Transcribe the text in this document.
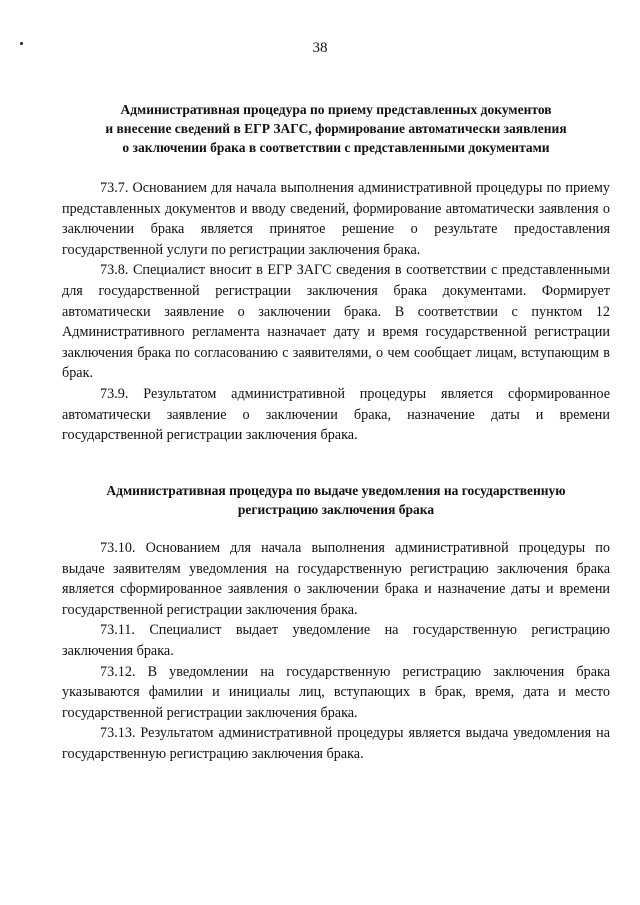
38

Административная процедура по приему представленных документов
и внесение сведений в ЕГР ЗАГС, формирование автоматически заявления
о заключении брака в соответствии с представленными документами

73.7. Основанием для начала выполнения административной процедуры по приему представленных документов и вводу сведений, формирование автоматически заявления о заключении брака является принятое решение о результате предоставления государственной услуги по регистрации заключения брака.

73.8. Специалист вносит в ЕГР ЗАГС сведения в соответствии с представленными для государственной регистрации заключения брака документами. Формирует автоматически заявление о заключении брака. В соответствии с пунктом 12 Административного регламента назначает дату и время государственной регистрации заключения брака по согласованию с заявителями, о чем сообщает лицам, вступающим в брак.

73.9. Результатом административной процедуры является сформированное автоматически заявление о заключении брака, назначение даты и времени государственной регистрации заключения брака.

Административная процедура по выдаче уведомления на государственную
регистрацию заключения брака

73.10. Основанием для начала выполнения административной процедуры по выдаче заявителям уведомления на государственную регистрацию заключения брака является сформированное заявления о заключении брака и назначение даты и времени государственной регистрации заключения брака.

73.11. Специалист выдает уведомление на государственную регистрацию заключения брака.

73.12. В уведомлении на государственную регистрацию заключения брака указываются фамилии и инициалы лиц, вступающих в брак, время, дата и место государственной регистрации заключения брака.

73.13. Результатом административной процедуры является выдача уведомления на государственную регистрацию заключения брака.
